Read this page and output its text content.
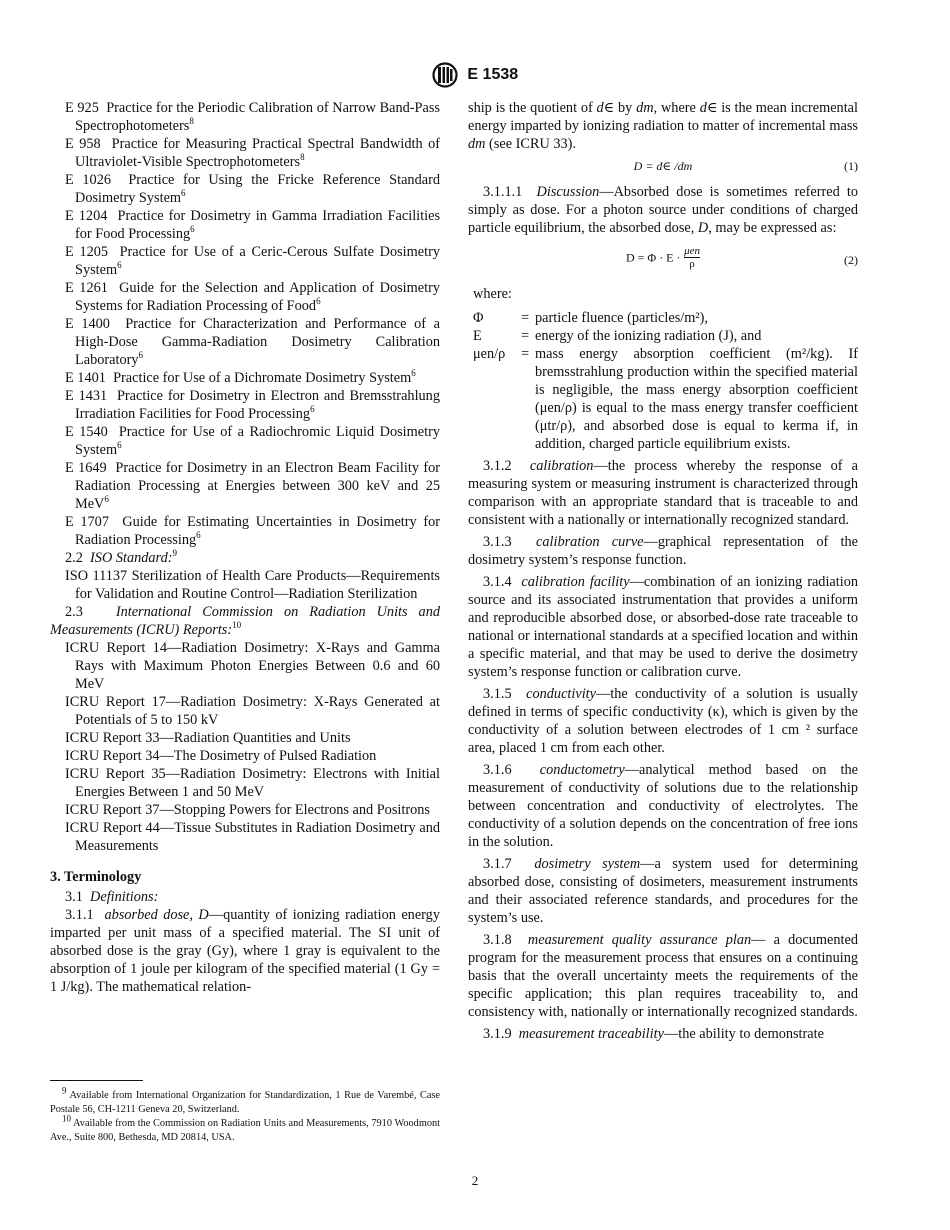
E 1538

E 925 Practice for the Periodic Calibration of Narrow Band-Pass Spectrophotometers$^8$

E 958 Practice for Measuring Practical Spectral Bandwidth of Ultraviolet-Visible Spectrophotometers$^8$

E 1026 Practice for Using the Fricke Reference Standard Dosimetry System$^6$

E 1204 Practice for Dosimetry in Gamma Irradiation Facilities for Food Processing$^6$

E 1205 Practice for Use of a Ceric-Cerous Sulfate Dosimetry System$^6$

E 1261 Guide for the Selection and Application of Dosimetry Systems for Radiation Processing of Food$^6$

E 1400 Practice for Characterization and Performance of a High-Dose Gamma-Radiation Dosimetry Calibration Laboratory$^6$

E 1401 Practice for Use of a Dichromate Dosimetry System$^6$

E 1431 Practice for Dosimetry in Electron and Bremsstrahlung Irradiation Facilities for Food Processing$^6$

E 1540 Practice for Use of a Radiochromic Liquid Dosimetry System$^6$

E 1649 Practice for Dosimetry in an Electron Beam Facility for Radiation Processing at Energies between 300 keV and 25 MeV$^6$

E 1707 Guide for Estimating Uncertainties in Dosimetry for Radiation Processing$^6$

2.2 ISO Standard:$^9$

ISO 11137 Sterilization of Health Care Products—Requirements for Validation and Routine Control—Radiation Sterilization

2.3 International Commission on Radiation Units and Measurements (ICRU) Reports:$^{10}$

ICRU Report 14—Radiation Dosimetry: X-Rays and Gamma Rays with Maximum Photon Energies Between 0.6 and 60 MeV

ICRU Report 17—Radiation Dosimetry: X-Rays Generated at Potentials of 5 to 150 kV

ICRU Report 33—Radiation Quantities and Units

ICRU Report 34—The Dosimetry of Pulsed Radiation

ICRU Report 35—Radiation Dosimetry: Electrons with Initial Energies Between 1 and 50 MeV

ICRU Report 37—Stopping Powers for Electrons and Positrons

ICRU Report 44—Tissue Substitutes in Radiation Dosimetry and Measurements

3. Terminology

3.1 Definitions:

3.1.1 absorbed dose, D—quantity of ionizing radiation energy imparted per unit mass of a specified material. The SI unit of absorbed dose is the gray (Gy), where 1 gray is equivalent to the absorption of 1 joule per kilogram of the specified material (1 Gy = 1 J/kg). The mathematical relation-

ship is the quotient of d∈ by dm, where d∈ is the mean incremental energy imparted by ionizing radiation to matter of incremental mass dm (see ICRU 33).

D = d∈ /dm	(1)

3.1.1.1 Discussion—Absorbed dose is sometimes referred to simply as dose. For a photon source under conditions of charged particle equilibrium, the absorbed dose, D, may be expressed as:

$D = \Phi \cdot E \cdot \frac{\text{μen}}{\rho}$	(2)
where:
Φ	=	particle fluence (particles/m²),
E	=	energy of the ionizing radiation (J), and
μen/ρ	=	mass energy absorption coefficient (m²/kg). If bremsstrahlung production within the specified material is negligible, the mass energy absorption coefficient (μen/ρ) is equal to the mass energy transfer coefficient (μtr/ρ), and absorbed dose is equal to kerma if, in addition, charged particle equilibrium exists.

3.1.2 calibration—the process whereby the response of a measuring system or measuring instrument is characterized through comparison with an appropriate standard that is traceable to and consistent with a nationally or internationally recognized standard.

3.1.3 calibration curve—graphical representation of the dosimetry system’s response function.

3.1.4 calibration facility—combination of an ionizing radiation source and its associated instrumentation that provides a uniform and reproducible absorbed dose, or absorbed-dose rate traceable to national or international standards at a specified location and within a specific material, and that may be used to derive the dosimetry system’s response function or calibration curve.

3.1.5 conductivity—the conductivity of a solution is usually defined in terms of specific conductivity (κ), which is given by the conductivity of a solution between electrodes of 1 cm ² surface area, placed 1 cm from each other.

3.1.6 conductometry—analytical method based on the measurement of conductivity of solutions due to the relationship between concentration and conductivity of electrolytes. The conductivity of a solution depends on the concentration of free ions in the solution.

3.1.7 dosimetry system—a system used for determining absorbed dose, consisting of dosimeters, measurement instruments and their associated reference standards, and procedures for the system’s use.

3.1.8 measurement quality assurance plan— a documented program for the measurement process that ensures on a continuing basis that the overall uncertainty meets the requirements of the specific application; this plan requires traceability to, and consistency with, nationally or internationally recognized standards.

3.1.9 measurement traceability—the ability to demonstrate

$^9$ Available from International Organization for Standardization, 1 Rue de Varembé, Case Postale 56, CH-1211 Geneva 20, Switzerland.

$^{10}$ Available from the Commission on Radiation Units and Measurements, 7910 Woodmont Ave., Suite 800, Bethesda, MD 20814, USA.

2
